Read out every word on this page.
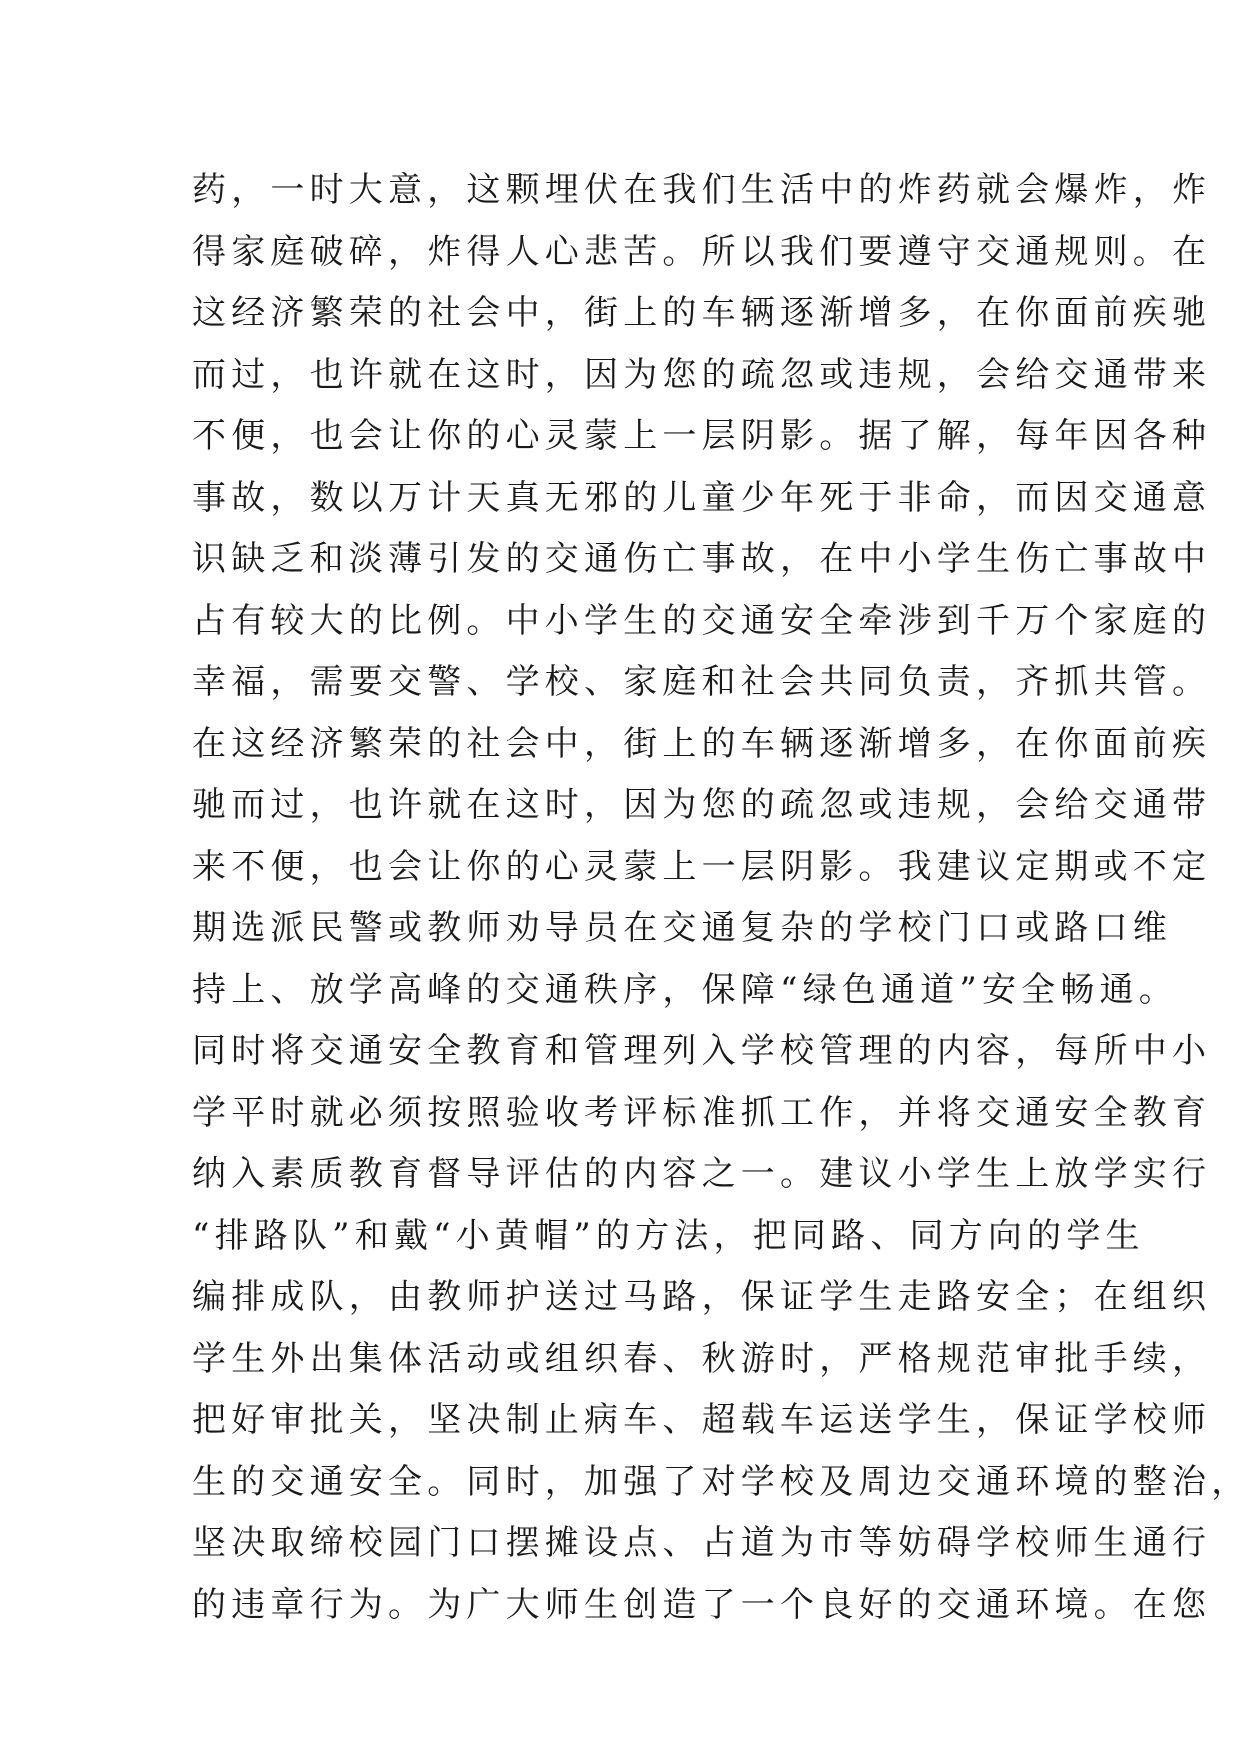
药，一时大意，这颗埋伏在我们生活中的炸药就会爆炸，炸
得家庭破碎，炸得人心悲苦。所以我们要遵守交通规则。在
这经济繁荣的社会中，街上的车辆逐渐增多，在你面前疾驰
而过，也许就在这时，因为您的疏忽或违规，会给交通带来
不便，也会让你的心灵蒙上一层阴影。据了解，每年因各种
事故，数以万计天真无邪的儿童少年死于非命，而因交通意
识缺乏和淡薄引发的交通伤亡事故，在中小学生伤亡事故中
占有较大的比例。中小学生的交通安全牵涉到千万个家庭的
幸福，需要交警、学校、家庭和社会共同负责，齐抓共管。
在这经济繁荣的社会中，街上的车辆逐渐增多，在你面前疾
驰而过，也许就在这时，因为您的疏忽或违规，会给交通带
来不便，也会让你的心灵蒙上一层阴影。我建议定期或不定
期选派民警或教师劝导员在交通复杂的学校门口或路口维
持上、放学高峰的交通秩序，保障“绿色通道”安全畅通。
同时将交通安全教育和管理列入学校管理的内容，每所中小
学平时就必须按照验收考评标准抓工作，并将交通安全教育
纳入素质教育督导评估的内容之一。建议小学生上放学实行
“排路队”和戴“小黄帽”的方法，把同路、同方向的学生
编排成队，由教师护送过马路，保证学生走路安全；在组织
学生外出集体活动或组织春、秋游时，严格规范审批手续，
把好审批关，坚决制止病车、超载车运送学生，保证学校师
生的交通安全。同时，加强了对学校及周边交通环境的整治，
坚决取缔校园门口摆摊设点、占道为市等妨碍学校师生通行
的违章行为。为广大师生创造了一个良好的交通环境。在您
